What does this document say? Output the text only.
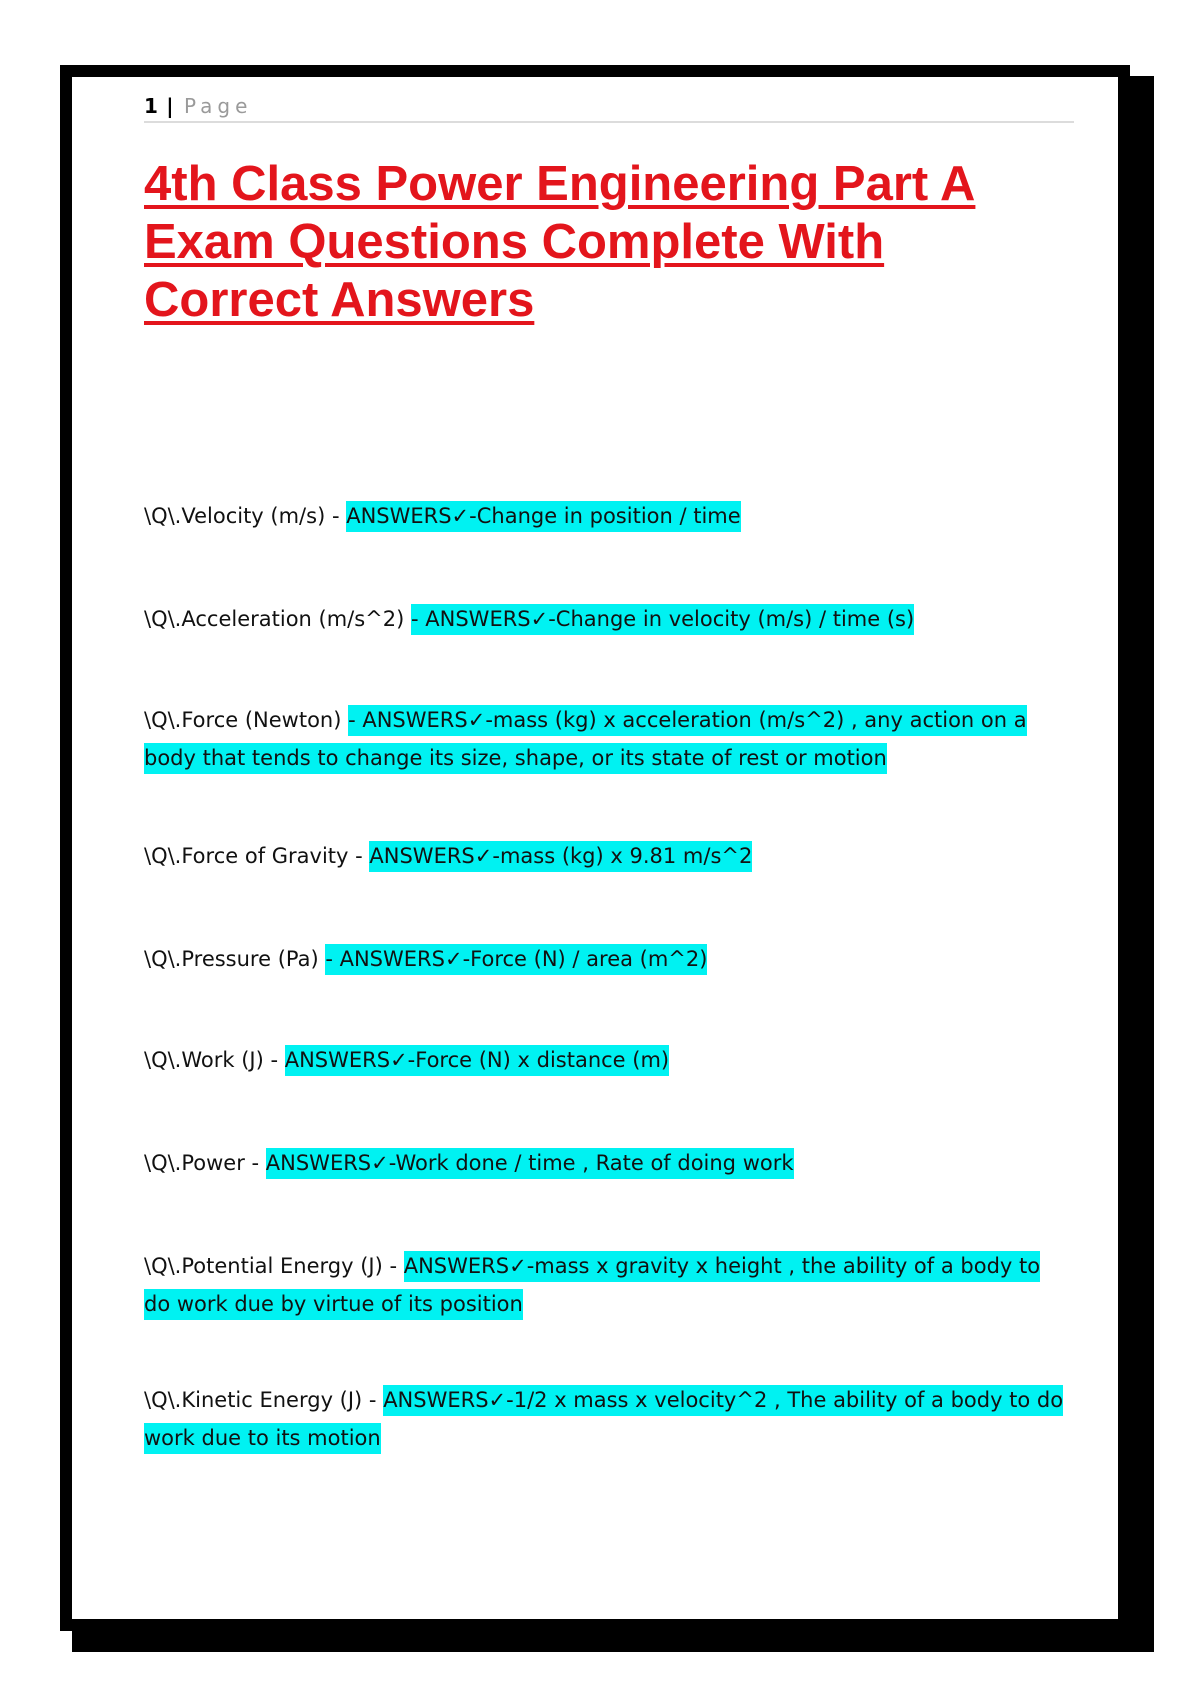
1 | Page
4th Class Power Engineering Part A Exam Questions Complete With Correct Answers
\Q\.Velocity (m/s) - ANSWERS✓-Change in position / time
\Q\.Acceleration (m/s^2) - ANSWERS✓-Change in velocity (m/s) / time (s)
\Q\.Force (Newton) - ANSWERS✓-mass (kg) x acceleration (m/s^2) , any action on a body that tends to change its size, shape, or its state of rest or motion
\Q\.Force of Gravity - ANSWERS✓-mass (kg) x 9.81 m/s^2
\Q\.Pressure (Pa) - ANSWERS✓-Force (N) / area (m^2)
\Q\.Work (J) - ANSWERS✓-Force (N) x distance (m)
\Q\.Power - ANSWERS✓-Work done / time , Rate of doing work
\Q\.Potential Energy (J) - ANSWERS✓-mass x gravity x height , the ability of a body to do work due by virtue of its position
\Q\.Kinetic Energy (J) - ANSWERS✓-1/2 x mass x velocity^2 , The ability of a body to do work due to its motion
